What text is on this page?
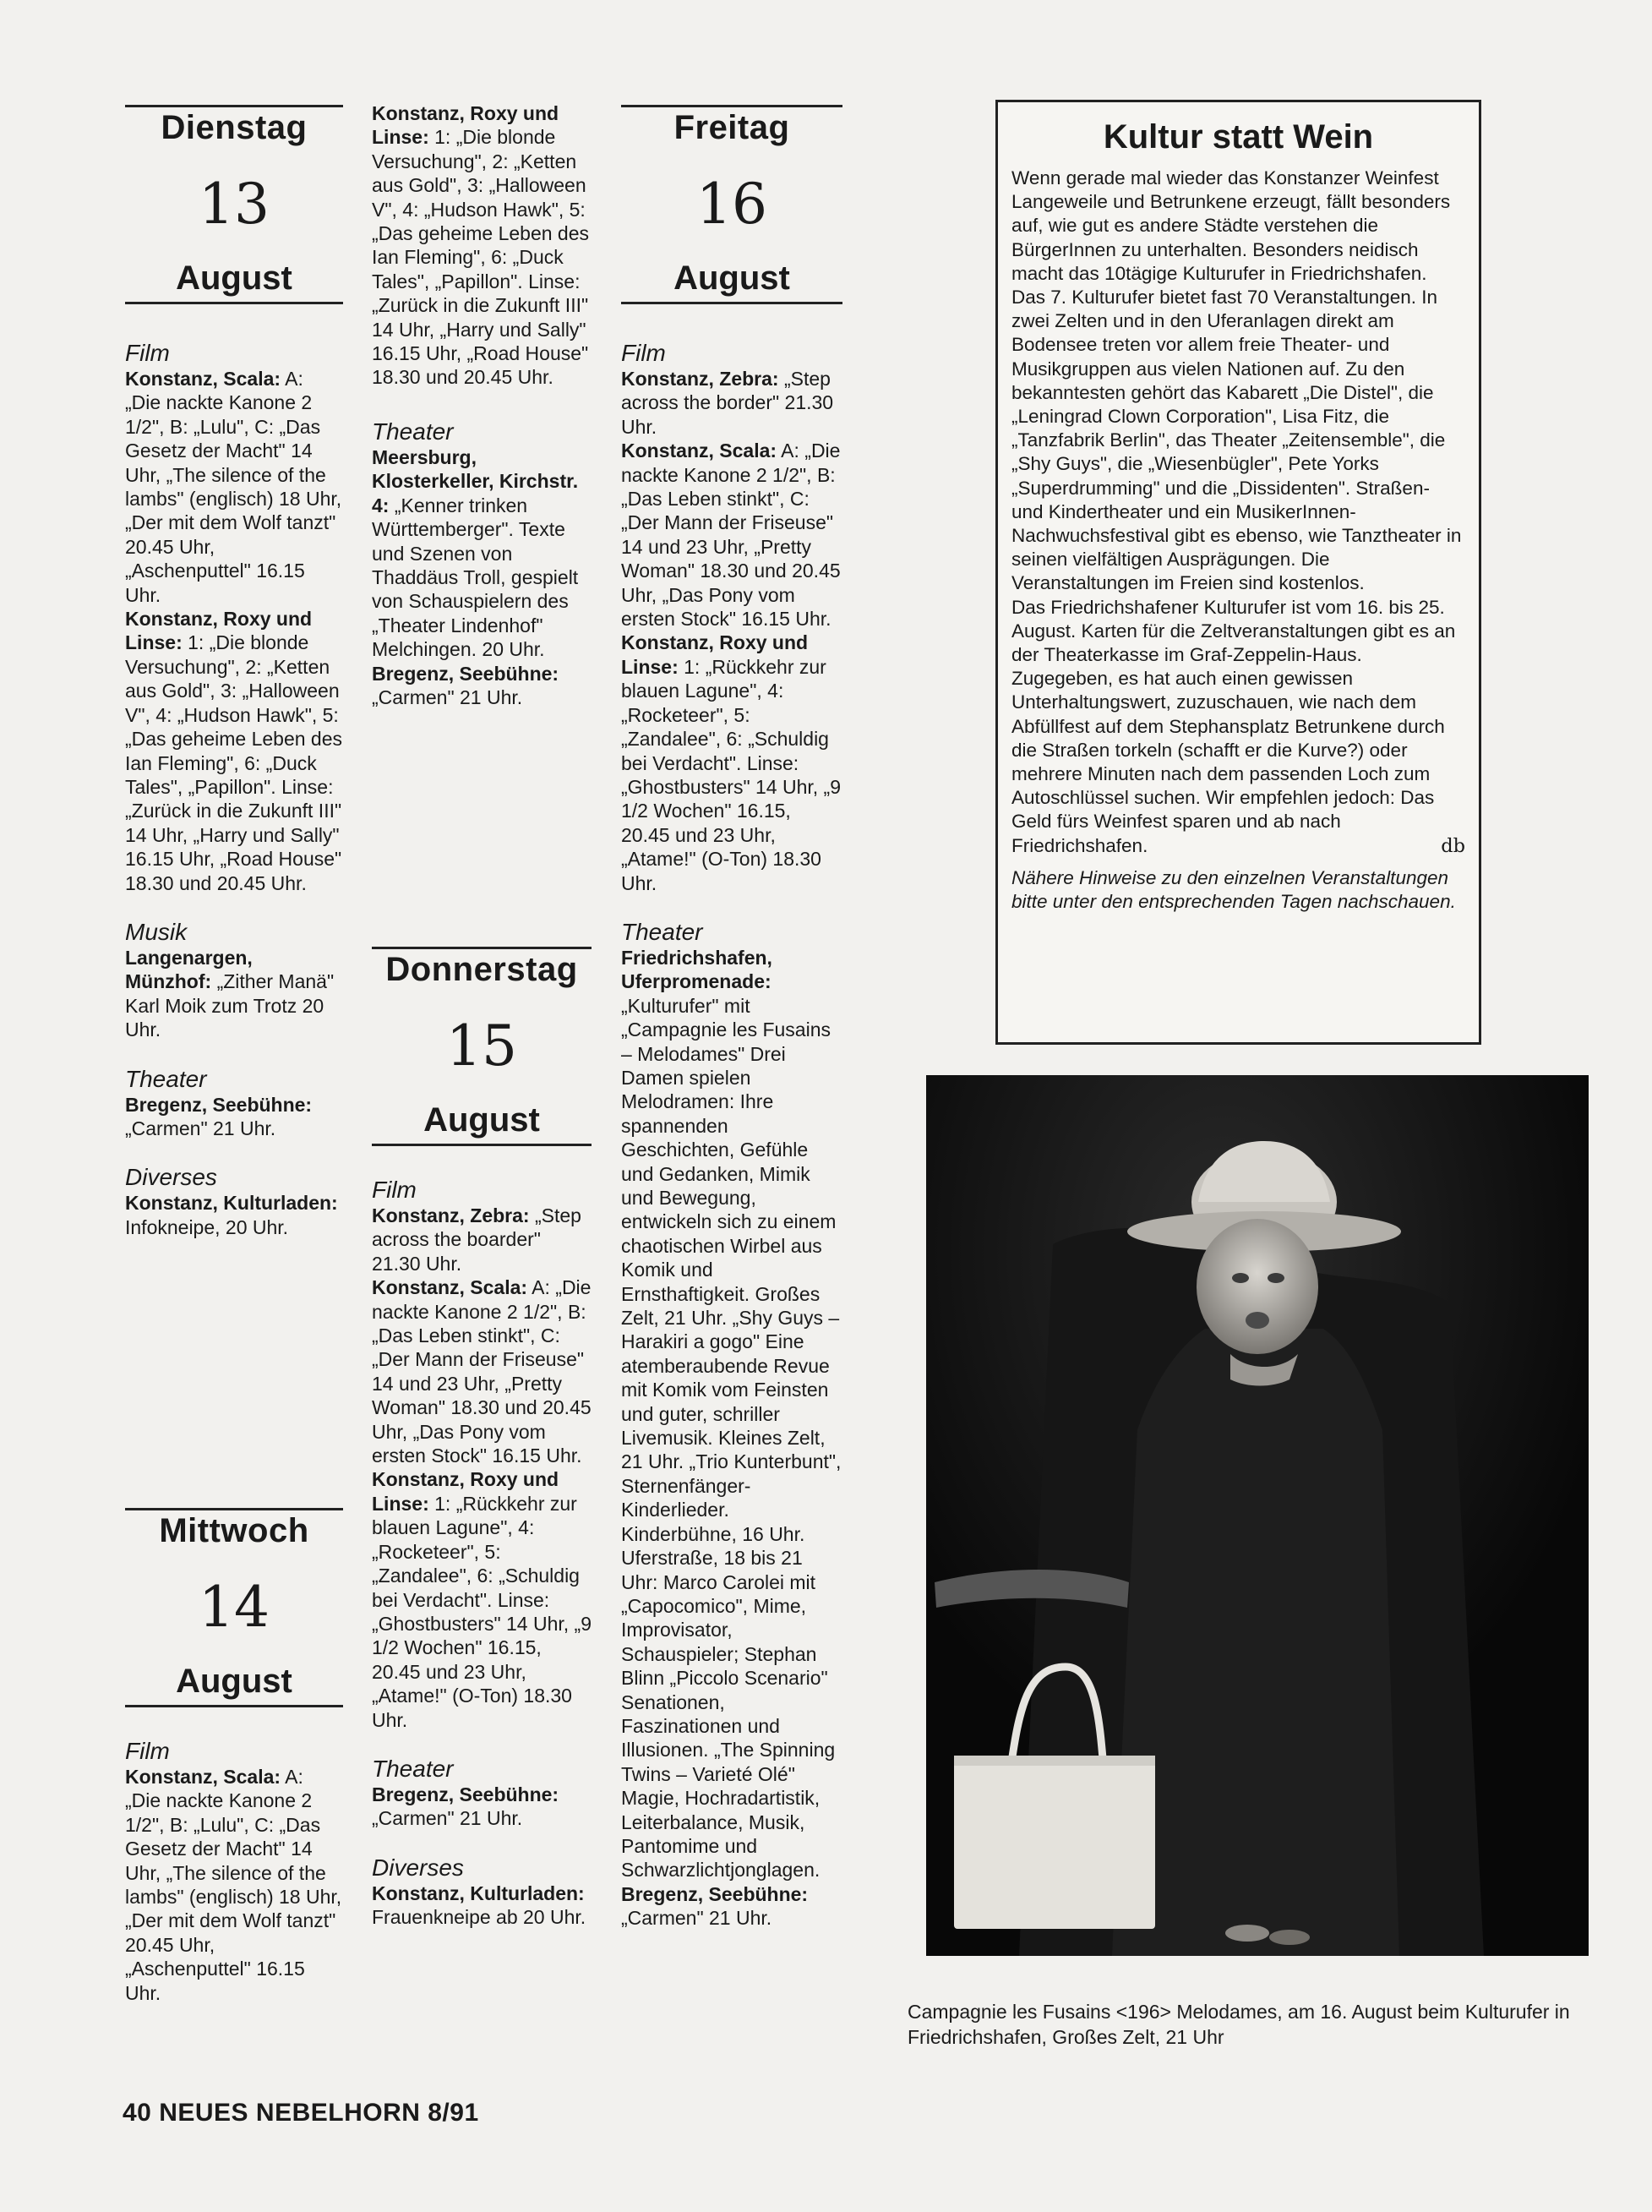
Dienstag
13
August
Film

Konstanz, Scala: A: „Die nackte Kanone 2 1/2", B: „Lulu", C: „Das Gesetz der Macht" 14 Uhr, „The silence of the lambs" (englisch) 18 Uhr, „Der mit dem Wolf tanzt" 20.45 Uhr, „Aschenputtel" 16.15 Uhr.

Konstanz, Roxy und Linse: 1: „Die blonde Versuchung", 2: „Ketten aus Gold", 3: „Halloween V", 4: „Hudson Hawk", 5: „Das geheime Leben des Ian Fleming", 6: „Duck Tales", „Papillon". Linse: „Zurück in die Zukunft III" 14 Uhr, „Harry und Sally" 16.15 Uhr, „Road House" 18.30 und 20.45 Uhr.

Musik

Langenargen, Münzhof: „Zither Manä" Karl Moik zum Trotz 20 Uhr.

Theater

Bregenz, Seebühne: „Carmen" 21 Uhr.

Diverses

Konstanz, Kulturladen: Infokneipe, 20 Uhr.

Mittwoch
14
August
Film

Konstanz, Scala: A: „Die nackte Kanone 2 1/2", B: „Lulu", C: „Das Gesetz der Macht" 14 Uhr, „The silence of the lambs" (englisch) 18 Uhr, „Der mit dem Wolf tanzt" 20.45 Uhr, „Aschenputtel" 16.15 Uhr.

Konstanz, Roxy und Linse: 1: „Die blonde Versuchung", 2: „Ketten aus Gold", 3: „Halloween V", 4: „Hudson Hawk", 5: „Das geheime Leben des Ian Fleming", 6: „Duck Tales", „Papillon". Linse: „Zurück in die Zukunft III" 14 Uhr, „Harry und Sally" 16.15 Uhr, „Road House" 18.30 und 20.45 Uhr.

Theater

Meersburg, Klosterkeller, Kirchstr. 4: „Kenner trinken Württemberger". Texte und Szenen von Thaddäus Troll, gespielt von Schauspielern des „Theater Lindenhof" Melchingen. 20 Uhr.

Bregenz, Seebühne: „Carmen" 21 Uhr.

Donnerstag
15
August
Film

Konstanz, Zebra: „Step across the boarder" 21.30 Uhr.

Konstanz, Scala: A: „Die nackte Kanone 2 1/2", B: „Das Leben stinkt", C: „Der Mann der Friseuse" 14 und 23 Uhr, „Pretty Woman" 18.30 und 20.45 Uhr, „Das Pony vom ersten Stock" 16.15 Uhr.

Konstanz, Roxy und Linse: 1: „Rückkehr zur blauen Lagune", 4: „Rocketeer", 5: „Zandalee", 6: „Schuldig bei Verdacht". Linse: „Ghostbusters" 14 Uhr, „9 1/2 Wochen" 16.15, 20.45 und 23 Uhr, „Atame!" (O-Ton) 18.30 Uhr.

Theater

Bregenz, Seebühne: „Carmen" 21 Uhr.

Diverses

Konstanz, Kulturladen: Frauenkneipe ab 20 Uhr.

Freitag
16
August
Film

Konstanz, Zebra: „Step across the border" 21.30 Uhr.

Konstanz, Scala: A: „Die nackte Kanone 2 1/2", B: „Das Leben stinkt", C: „Der Mann der Friseuse" 14 und 23 Uhr, „Pretty Woman" 18.30 und 20.45 Uhr, „Das Pony vom ersten Stock" 16.15 Uhr.

Konstanz, Roxy und Linse: 1: „Rückkehr zur blauen Lagune", 4: „Rocketeer", 5: „Zandalee", 6: „Schuldig bei Verdacht". Linse: „Ghostbusters" 14 Uhr, „9 1/2 Wochen" 16.15, 20.45 und 23 Uhr, „Atame!" (O-Ton) 18.30 Uhr.

Theater

Friedrichshafen, Uferpromenade: „Kulturufer" mit „Campagnie les Fusains – Melodames" Drei Damen spielen Melodramen: Ihre spannenden Geschichten, Gefühle und Gedanken, Mimik und Bewegung, entwickeln sich zu einem chaotischen Wirbel aus Komik und Ernsthaftigkeit. Großes Zelt, 21 Uhr. „Shy Guys – Harakiri a gogo" Eine atemberaubende Revue mit Komik vom Feinsten und guter, schriller Livemusik. Kleines Zelt, 21 Uhr. „Trio Kunterbunt", Sternenfänger-Kinderlieder. Kinderbühne, 16 Uhr. Uferstraße, 18 bis 21 Uhr: Marco Carolei mit „Capocomico", Mime, Improvisator, Schauspieler; Stephan Blinn „Piccolo Scenario" Senationen, Faszinationen und Illusionen. „The Spinning Twins – Varieté Olé" Magie, Hochradartistik, Leiterbalance, Musik, Pantomime und Schwarzlichtjonglagen.

Bregenz, Seebühne: „Carmen" 21 Uhr.

Kultur statt Wein

Wenn gerade mal wieder das Konstanzer Weinfest Langeweile und Betrunkene erzeugt, fällt besonders auf, wie gut es andere Städte verstehen die BürgerInnen zu unterhalten. Besonders neidisch macht das 10tägige Kulturufer in Friedrichshafen. Das 7. Kulturufer bietet fast 70 Veranstaltungen. In zwei Zelten und in den Uferanlagen direkt am Bodensee treten vor allem freie Theater- und Musikgruppen aus vielen Nationen auf. Zu den bekanntesten gehört das Kabarett „Die Distel", die „Leningrad Clown Corporation", Lisa Fitz, die „Tanzfabrik Berlin", das Theater „Zeitensemble", die „Shy Guys", die „Wiesenbügler", Pete Yorks „Superdrumming" und die „Dissidenten". Straßen- und Kindertheater und ein MusikerInnen-Nachwuchsfestival gibt es ebenso, wie Tanztheater in seinen vielfältigen Ausprägungen. Die Veranstaltungen im Freien sind kostenlos.

Das Friedrichshafener Kulturufer ist vom 16. bis 25. August. Karten für die Zeltveranstaltungen gibt es an der Theaterkasse im Graf-Zeppelin-Haus.

Zugegeben, es hat auch einen gewissen Unterhaltungswert, zuzuschauen, wie nach dem Abfüllfest auf dem Stephansplatz Betrunkene durch die Straßen torkeln (schafft er die Kurve?) oder mehrere Minuten nach dem passenden Loch zum Autoschlüssel suchen. Wir empfehlen jedoch: Das Geld fürs Weinfest sparen und ab nach Friedrichshafen.	db

Nähere Hinweise zu den einzelnen Veranstaltungen bitte unter den entsprechenden Tagen nachschauen.

Campagnie les Fusains <196> Melodames, am 16. August beim Kulturufer in Friedrichshafen, Großes Zelt, 21 Uhr
40 NEUES NEBELHORN 8/91
